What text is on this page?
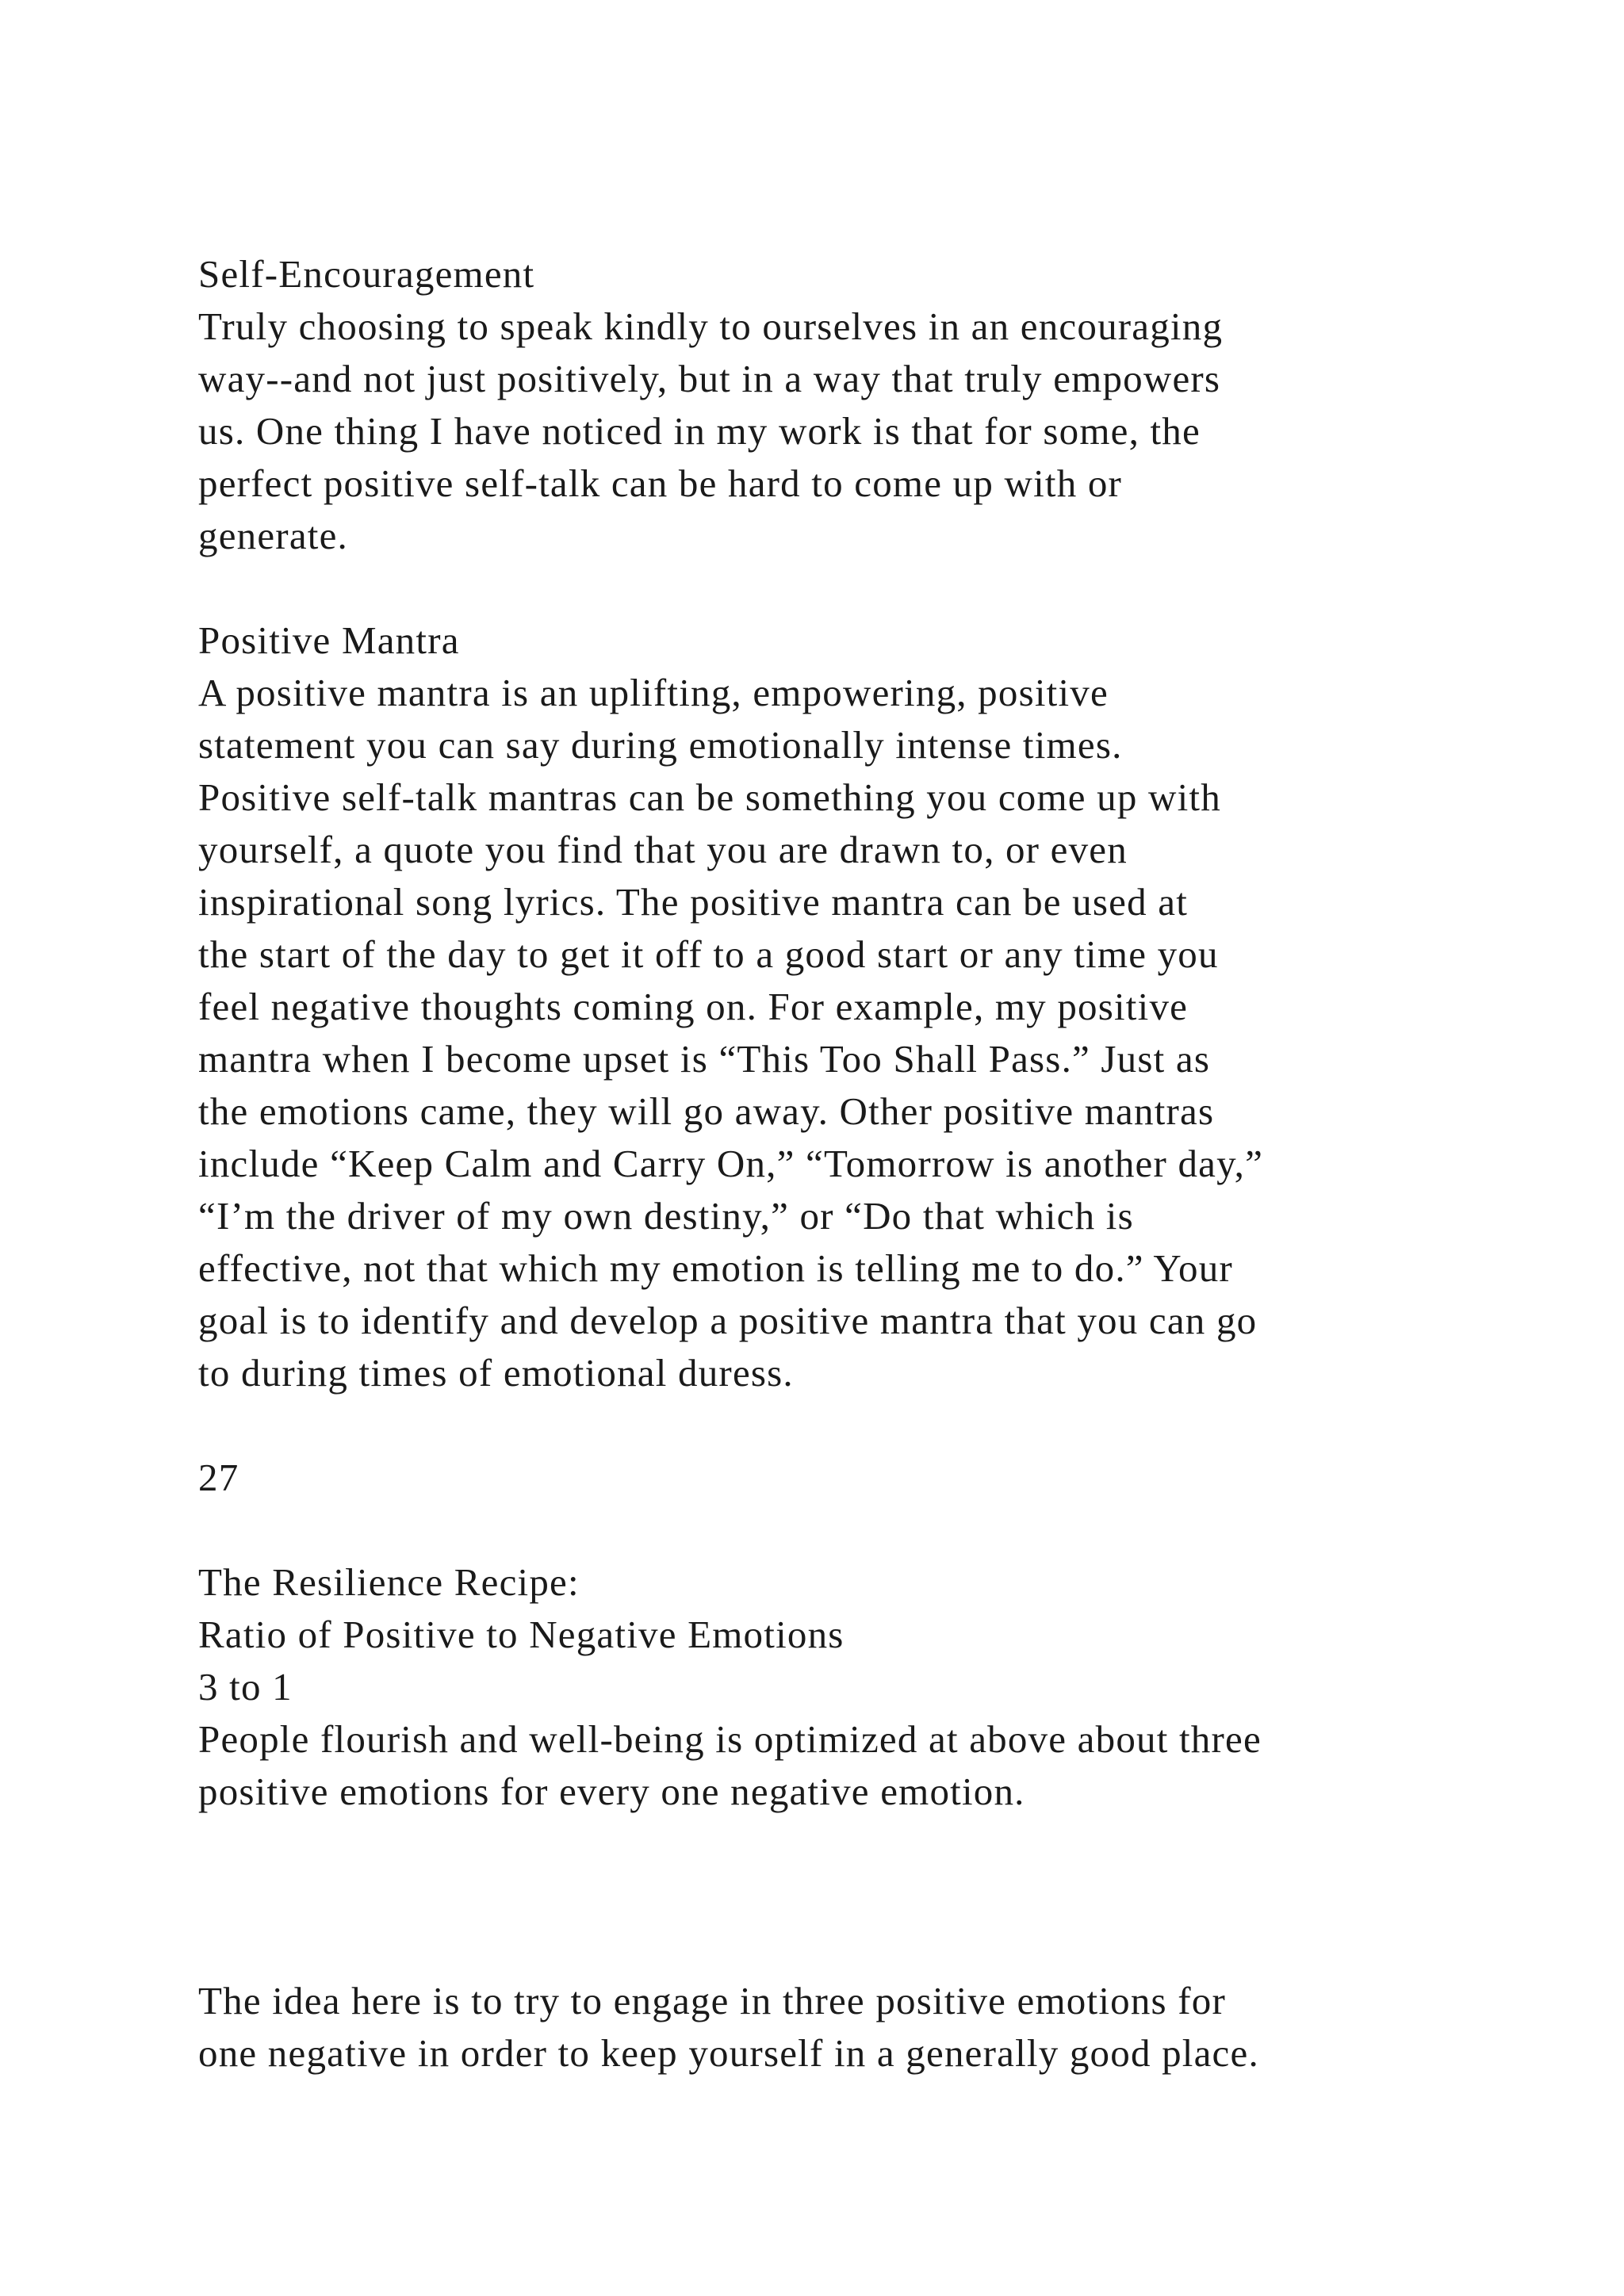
Self-Encouragement
Truly choosing to speak kindly to ourselves in an encouraging
way--and not just positively, but in a way that truly empowers
us. One thing I have noticed in my work is that for some, the
perfect positive self-talk can be hard to come up with or
generate.
Positive Mantra
A positive mantra is an uplifting, empowering, positive
statement you can say during emotionally intense times.
Positive self-talk mantras can be something you come up with
yourself, a quote you find that you are drawn to, or even
inspirational song lyrics. The positive mantra can be used at
the start of the day to get it off to a good start or any time you
feel negative thoughts coming on. For example, my positive
mantra when I become upset is “This Too Shall Pass.” Just as
the emotions came, they will go away. Other positive mantras
include “Keep Calm and Carry On,” “Tomorrow is another day,”
“I’m the driver of my own destiny,” or “Do that which is
effective, not that which my emotion is telling me to do.” Your
goal is to identify and develop a positive mantra that you can go
to during times of emotional duress.
27
The Resilience Recipe:
Ratio of Positive to Negative Emotions
3 to 1
People flourish and well-being is optimized at above about three
positive emotions for every one negative emotion.
The idea here is to try to engage in three positive emotions for
one negative in order to keep yourself in a generally good place.
